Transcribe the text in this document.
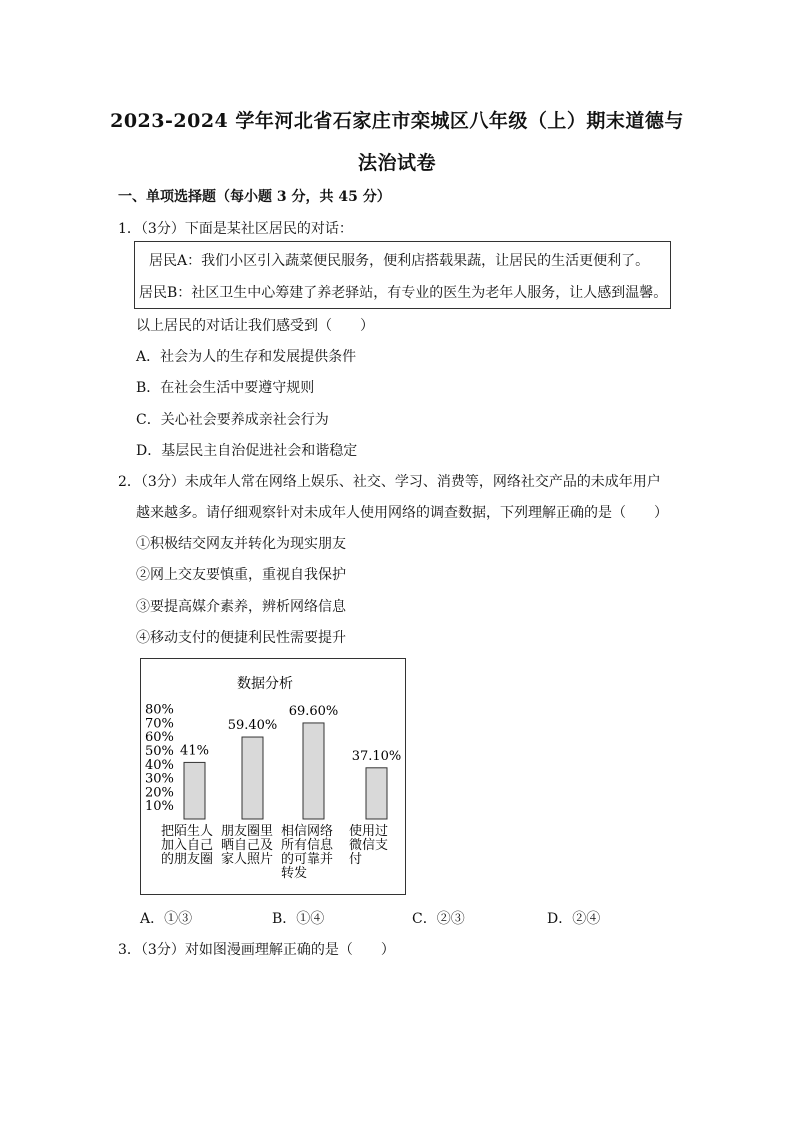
2023-2024 学年河北省石家庄市栾城区八年级（上）期末道德与
法治试卷
一、单项选择题（每小题 3 分，共 45 分）
1．（3分）下面是某社区居民的对话：
居民A：我们小区引入蔬菜便民服务，便利店搭载果蔬，让居民的生活更便利了。
居民B：社区卫生中心筹建了养老驿站，有专业的医生为老年人服务，让人感到温馨。
以上居民的对话让我们感受到（　　）
A．社会为人的生存和发展提供条件
B．在社会生活中要遵守规则
C．关心社会要养成亲社会行为
D．基层民主自治促进社会和谐稳定
2．（3分）未成年人常在网络上娱乐、社交、学习、消费等，网络社交产品的未成年用户
越来越多。请仔细观察针对未成年人使用网络的调查数据，下列理解正确的是（　　）
①积极结交网友并转化为现实朋友
②网上交友要慎重，重视自我保护
③要提高媒介素养，辨析网络信息
④移动支付的便捷利民性需要提升
数据分析
80%
70%
60%
50%
40%
30%
20%
10%
41%
59.40%
69.60%
37.10%
把陌生人
加入自己
的朋友圈
朋友圈里
晒自己及
家人照片
相信网络
所有信息
的可靠并
转发
使用过
微信支
付
A．①③	B．①④	C．②③	D．②④
3．（3分）对如图漫画理解正确的是（　　）
